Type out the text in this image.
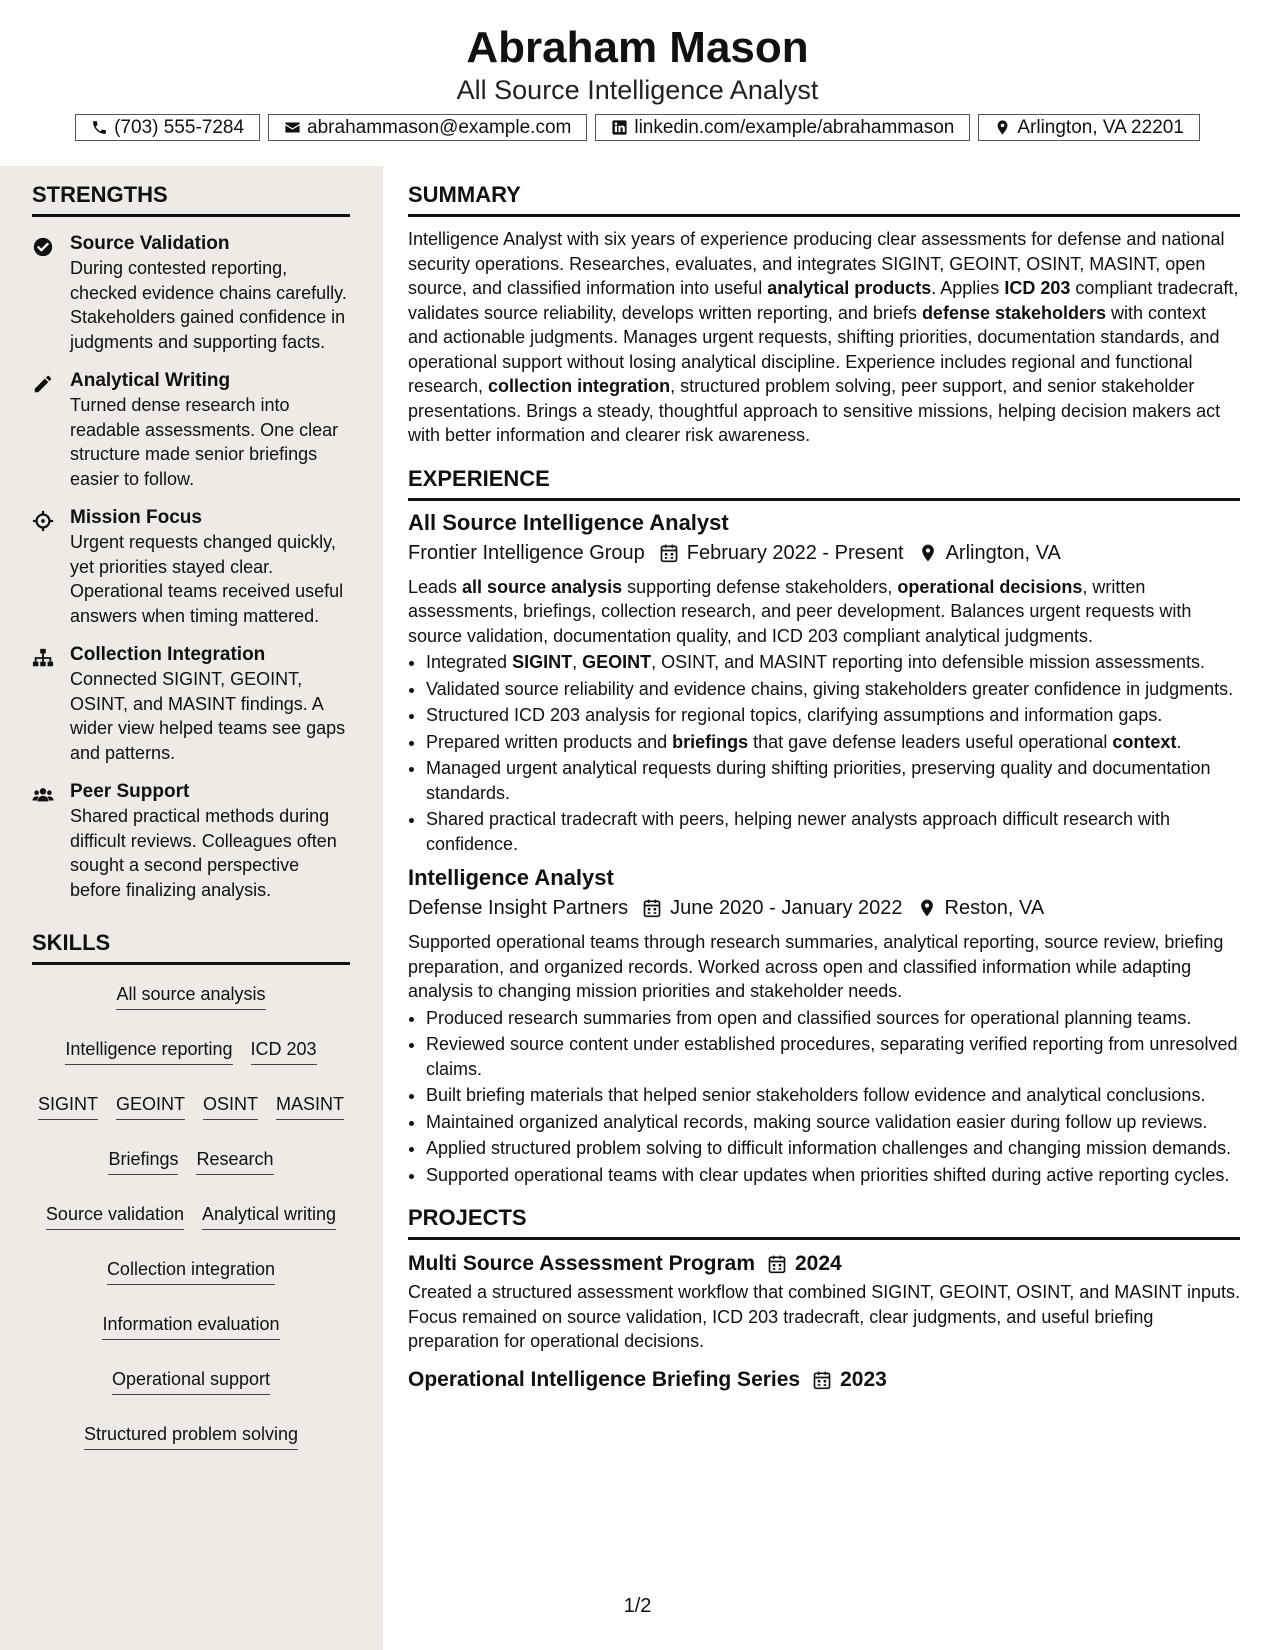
Abraham Mason
All Source Intelligence Analyst
(703) 555-7284	abrahammason@example.com	linkedin.com/example/abrahammason	Arlington, VA 22201
STRENGTHS
Source Validation
During contested reporting, checked evidence chains carefully. Stakeholders gained confidence in judgments and supporting facts.
Analytical Writing
Turned dense research into readable assessments. One clear structure made senior briefings easier to follow.
Mission Focus
Urgent requests changed quickly, yet priorities stayed clear. Operational teams received useful answers when timing mattered.
Collection Integration
Connected SIGINT, GEOINT, OSINT, and MASINT findings. A wider view helped teams see gaps and patterns.
Peer Support
Shared practical methods during difficult reviews. Colleagues often sought a second perspective before finalizing analysis.
SKILLS
All source analysis
Intelligence reporting ICD 203
SIGINT GEOINT OSINT MASINT
Briefings Research
Source validation Analytical writing
Collection integration
Information evaluation
Operational support
Structured problem solving
SUMMARY

Intelligence Analyst with six years of experience producing clear assessments for defense and national security operations. Researches, evaluates, and integrates SIGINT, GEOINT, OSINT, MASINT, open source, and classified information into useful analytical products. Applies ICD 203 compliant tradecraft, validates source reliability, develops written reporting, and briefs defense stakeholders with context and actionable judgments. Manages urgent requests, shifting priorities, documentation standards, and operational support without losing analytical discipline. Experience includes regional and functional research, collection integration, structured problem solving, peer support, and senior stakeholder presentations. Brings a steady, thoughtful approach to sensitive missions, helping decision makers act with better information and clearer risk awareness.

EXPERIENCE
All Source Intelligence Analyst
Frontier Intelligence Group February 2022 - Present Arlington, VA

Leads all source analysis supporting defense stakeholders, operational decisions, written assessments, briefings, collection research, and peer development. Balances urgent requests with source validation, documentation quality, and ICD 203 compliant analytical judgments.

• Integrated SIGINT, GEOINT, OSINT, and MASINT reporting into defensible mission assessments.
• Validated source reliability and evidence chains, giving stakeholders greater confidence in judgments.
• Structured ICD 203 analysis for regional topics, clarifying assumptions and information gaps.
• Prepared written products and briefings that gave defense leaders useful operational context.
• Managed urgent analytical requests during shifting priorities, preserving quality and documentation standards.
• Shared practical tradecraft with peers, helping newer analysts approach difficult research with confidence.
Intelligence Analyst
Defense Insight Partners June 2020 - January 2022 Reston, VA

Supported operational teams through research summaries, analytical reporting, source review, briefing preparation, and organized records. Worked across open and classified information while adapting analysis to changing mission priorities and stakeholder needs.

• Produced research summaries from open and classified sources for operational planning teams.
• Reviewed source content under established procedures, separating verified reporting from unresolved claims.
• Built briefing materials that helped senior stakeholders follow evidence and analytical conclusions.
• Maintained organized analytical records, making source validation easier during follow up reviews.
• Applied structured problem solving to difficult information challenges and changing mission demands.
• Supported operational teams with clear updates when priorities shifted during active reporting cycles.
PROJECTS
Multi Source Assessment Program 2024

Created a structured assessment workflow that combined SIGINT, GEOINT, OSINT, and MASINT inputs. Focus remained on source validation, ICD 203 tradecraft, clear judgments, and useful briefing preparation for operational decisions.

Operational Intelligence Briefing Series 2023
1/2
